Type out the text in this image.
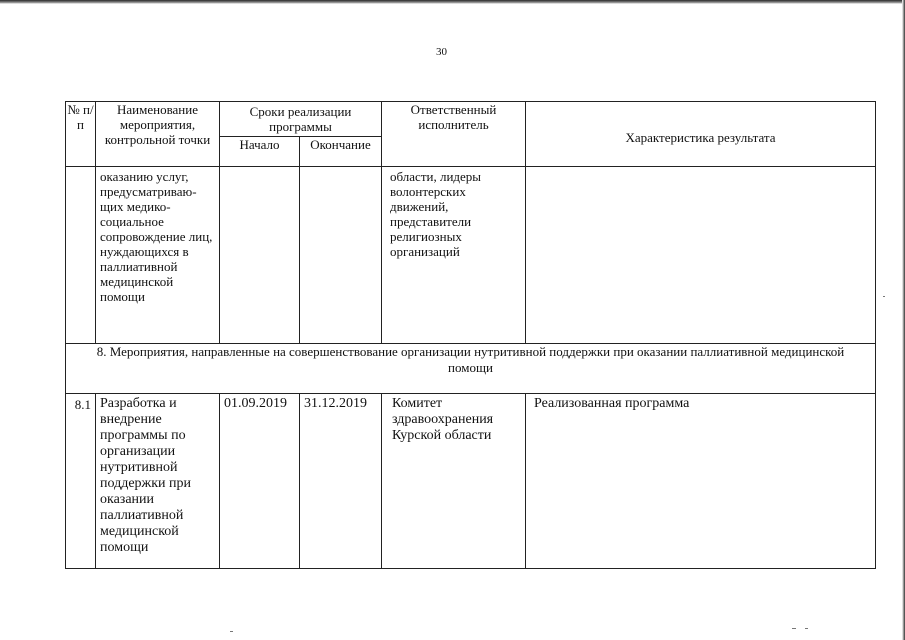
30
№ п/п	Наименование мероприятия, контрольной точки	Сроки реализации программы		Ответственный исполнитель	Характеристика результата
		Начало	Окончание		
	оказанию услуг, предусматриваю-щих медико-социальное сопровождение лиц, нуждающихся в паллиативной медицинской помощи			области, лидеры волонтерских движений, представители религиозных организаций	
8. Мероприятия, направленные на совершенствование организации нутритивной поддержки при оказании паллиативной медицинской помощи					
8.1	Разработка и внедрение программы по организации нутритивной поддержки при оказании паллиативной медицинской помощи	01.09.2019	31.12.2019	Комитет здравоохранения Курской области	Реализованная программа
